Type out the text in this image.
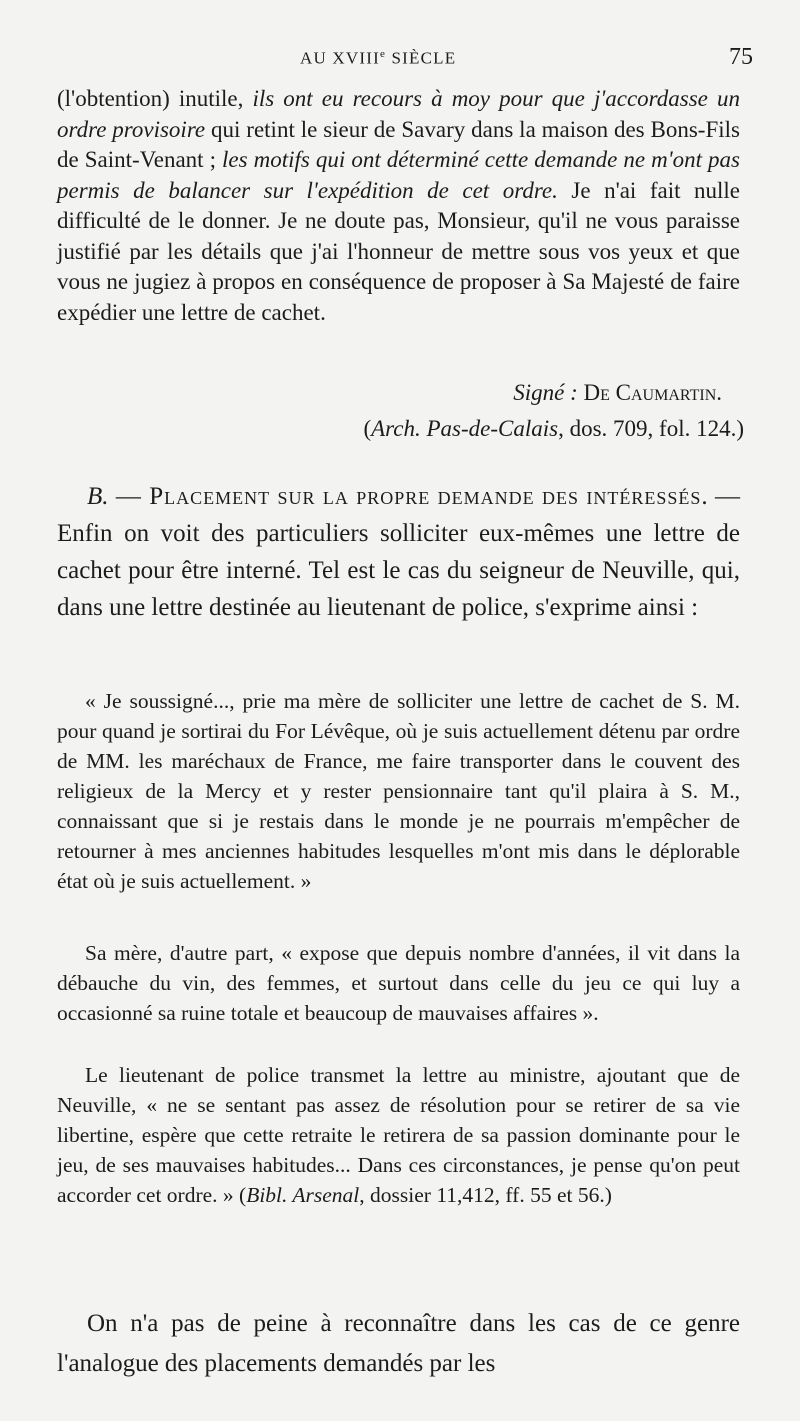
AU XVIIIe SIÈCLE	75
(l'obtention) inutile, ils ont eu recours à moy pour que j'accordasse un ordre provisoire qui retint le sieur de Savary dans la maison des Bons-Fils de Saint-Venant ; les motifs qui ont déterminé cette demande ne m'ont pas permis de balancer sur l'expédition de cet ordre. Je n'ai fait nulle difficulté de le donner. Je ne doute pas, Monsieur, qu'il ne vous paraisse justifié par les détails que j'ai l'honneur de mettre sous vos yeux et que vous ne jugiez à propos en conséquence de proposer à Sa Majesté de faire expédier une lettre de cachet.
Signé : De Caumartin.
(Arch. Pas-de-Calais, dos. 709, fol. 124.)
B. — Placement sur la propre demande des intéressés. — Enfin on voit des particuliers solliciter eux-mêmes une lettre de cachet pour être interné. Tel est le cas du seigneur de Neuville, qui, dans une lettre destinée au lieutenant de police, s'exprime ainsi :
« Je soussigné..., prie ma mère de solliciter une lettre de cachet de S. M. pour quand je sortirai du For Lévêque, où je suis actuellement détenu par ordre de MM. les maréchaux de France, me faire transporter dans le couvent des religieux de la Mercy et y rester pensionnaire tant qu'il plaira à S. M., connaissant que si je restais dans le monde je ne pourrais m'empêcher de retourner à mes anciennes habitudes lesquelles m'ont mis dans le déplorable état où je suis actuellement. »
Sa mère, d'autre part, « expose que depuis nombre d'années, il vit dans la débauche du vin, des femmes, et surtout dans celle du jeu ce qui luy a occasionné sa ruine totale et beaucoup de mauvaises affaires ».
Le lieutenant de police transmet la lettre au ministre, ajoutant que de Neuville, « ne se sentant pas assez de résolution pour se retirer de sa vie libertine, espère que cette retraite le retirera de sa passion dominante pour le jeu, de ses mauvaises habitudes... Dans ces circonstances, je pense qu'on peut accorder cet ordre. » (Bibl. Arsenal, dossier 11,412, ff. 55 et 56.)
On n'a pas de peine à reconnaître dans les cas de ce genre l'analogue des placements demandés par les
